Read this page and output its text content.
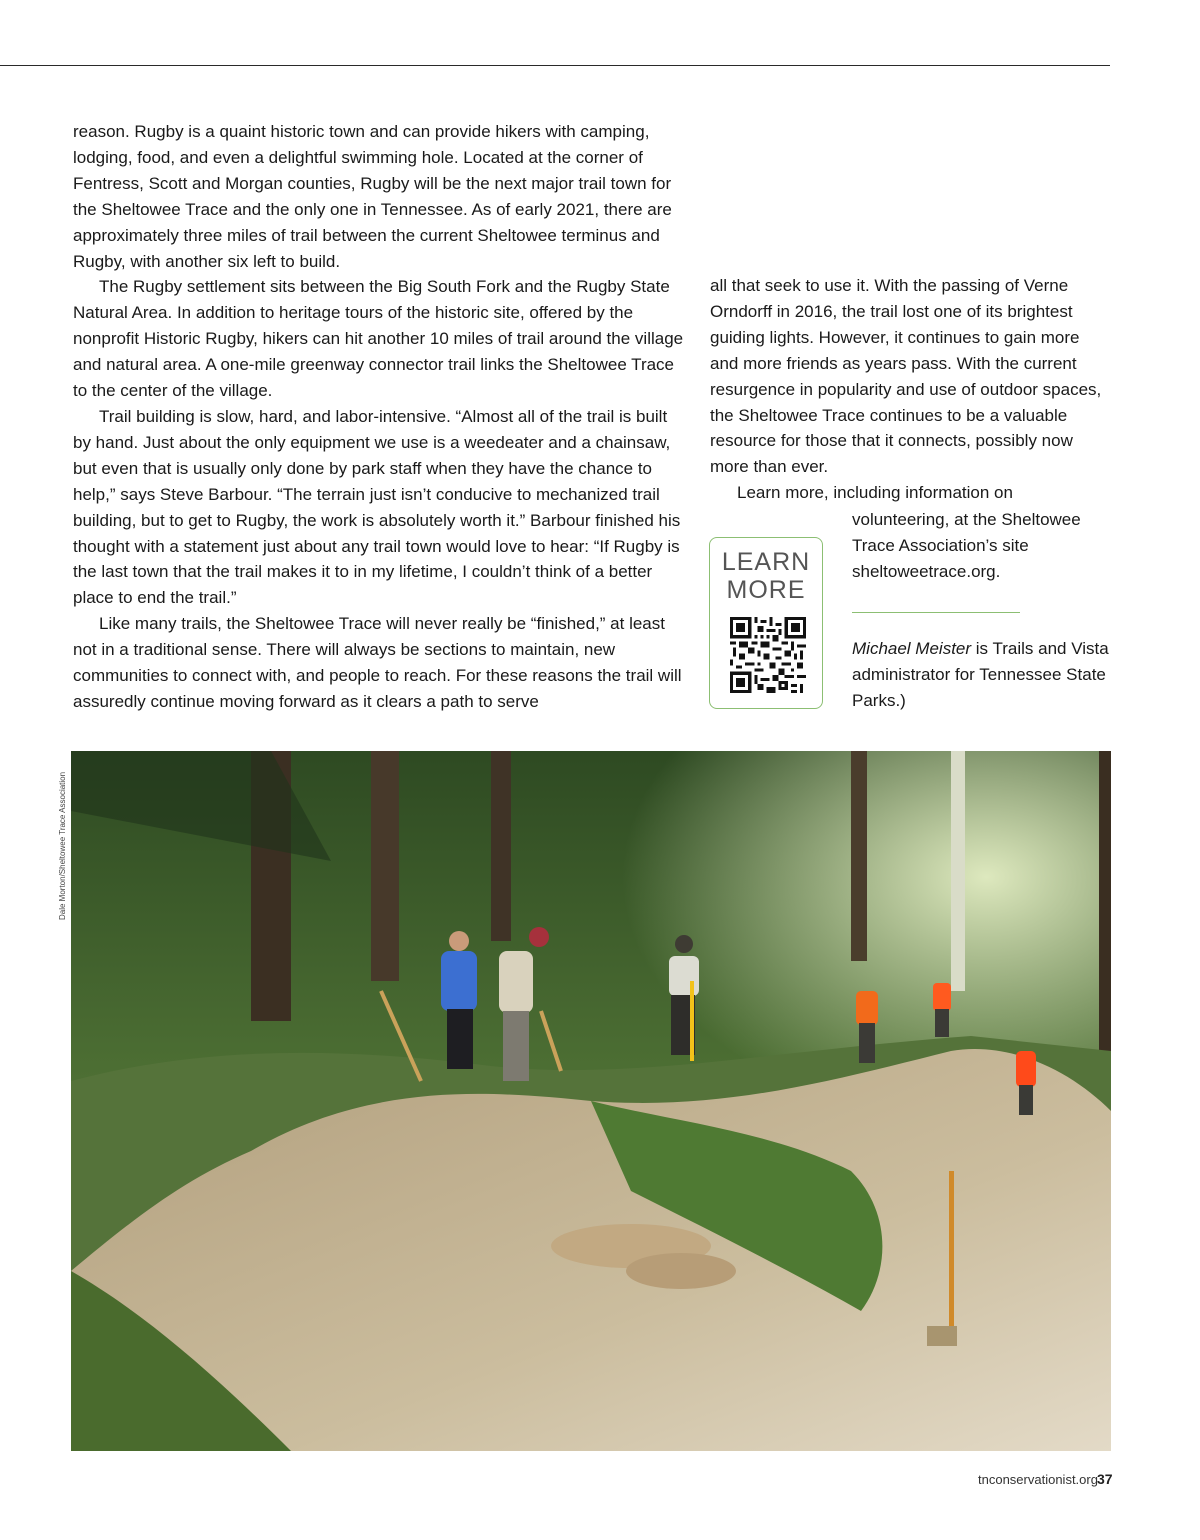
reason. Rugby is a quaint historic town and can provide hikers with camping, lodging, food, and even a delightful swimming hole. Located at the corner of Fentress, Scott and Morgan counties, Rugby will be the next major trail town for the Sheltowee Trace and the only one in Tennessee. As of early 2021, there are approximately three miles of trail between the current Sheltowee terminus and Rugby, with another six left to build.

The Rugby settlement sits between the Big South Fork and the Rugby State Natural Area. In addition to heritage tours of the historic site, offered by the nonprofit Historic Rugby, hikers can hit another 10 miles of trail around the village and natural area. A one-mile greenway connector trail links the Sheltowee Trace to the center of the village.

Trail building is slow, hard, and labor-intensive. “Almost all of the trail is built by hand. Just about the only equipment we use is a weedeater and a chainsaw, but even that is usually only done by park staff when they have the chance to help,” says Steve Barbour. “The terrain just isn’t conducive to mechanized trail building, but to get to Rugby, the work is absolutely worth it.” Barbour finished his thought with a statement just about any trail town would love to hear: “If Rugby is the last town that the trail makes it to in my lifetime, I couldn’t think of a better place to end the trail.”

Like many trails, the Sheltowee Trace will never really be “finished,” at least not in a traditional sense. There will always be sections to maintain, new communities to connect with, and people to reach. For these reasons the trail will assuredly continue moving forward as it clears a path to serve

all that seek to use it. With the passing of Verne Orndorff in 2016, the trail lost one of its brightest guiding lights. However, it continues to gain more and more friends as years pass. With the current resurgence in popularity and use of outdoor spaces, the Sheltowee Trace continues to be a valuable resource for those that it connects, possibly now more than ever.

Learn more, including information on

LEARN
MORE

volunteering, at the Sheltowee Trace Association’s site sheltoweetrace.org.

Michael Meister is Trails and Vista administrator for Tennessee State Parks.)
Dale Morton/Sheltowee Trace Association
tnconservationist.org 37
